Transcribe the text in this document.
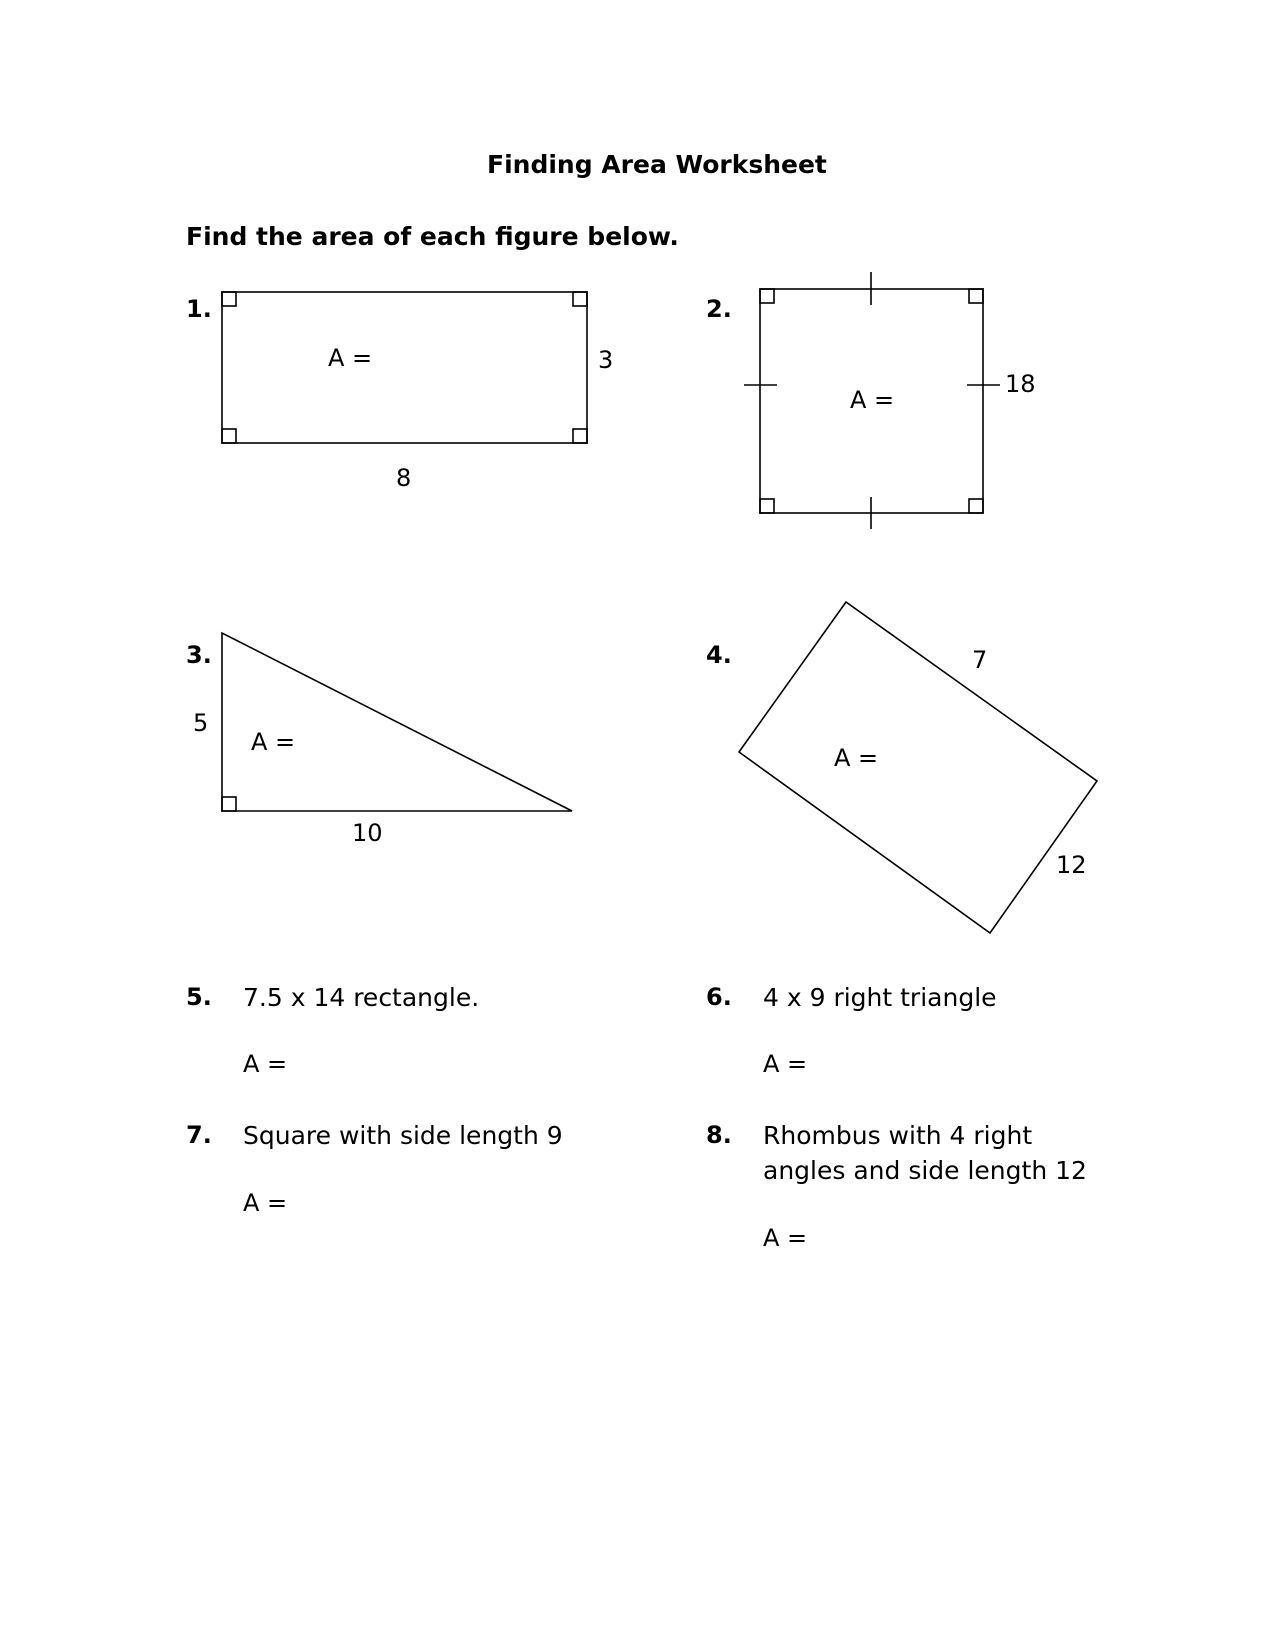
Finding Area Worksheet
Find the area of each figure below.
1.
A =	3
8
2.
A =
18
3.
A =
5
10
4.
A =
7
12
5. 7.5 x 14 rectangle.
A =
6. 4 x 9 right triangle
A =
7. Square with side length 9
A =
8. Rhombus with 4 right
angles and side length 12
A =
